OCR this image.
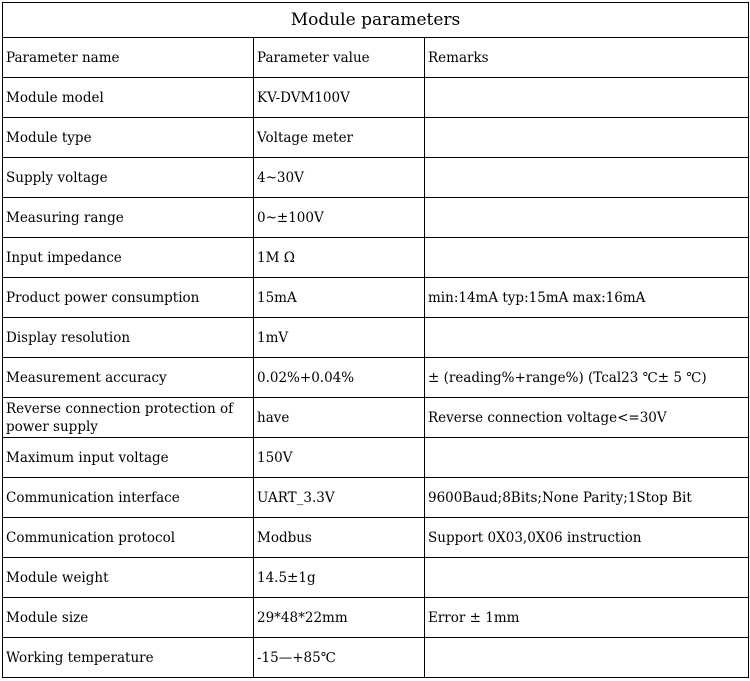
Module parameters		
Parameter name	Parameter value	Remarks
Module model	KV-DVM100V	
Module type	Voltage meter	
Supply voltage	4~30V	
Measuring range	0~±100V	
Input impedance	1M Ω	
Product power consumption	15mA	min:14mA typ:15mA max:16mA
Display resolution	1mV	
Measurement accuracy	0.02%+0.04%	± (reading%+range%) (Tcal23 ℃± 5 ℃)
Reverse connection protection of power supply	have	Reverse connection voltage<=30V
Maximum input voltage	150V	
Communication interface	UART_3.3V	9600Baud;8Bits;None Parity;1Stop Bit
Communication protocol	Modbus	Support 0X03,0X06 instruction
Module weight	14.5±1g	
Module size	29*48*22mm	Error ± 1mm
Working temperature	-15—+85℃	
